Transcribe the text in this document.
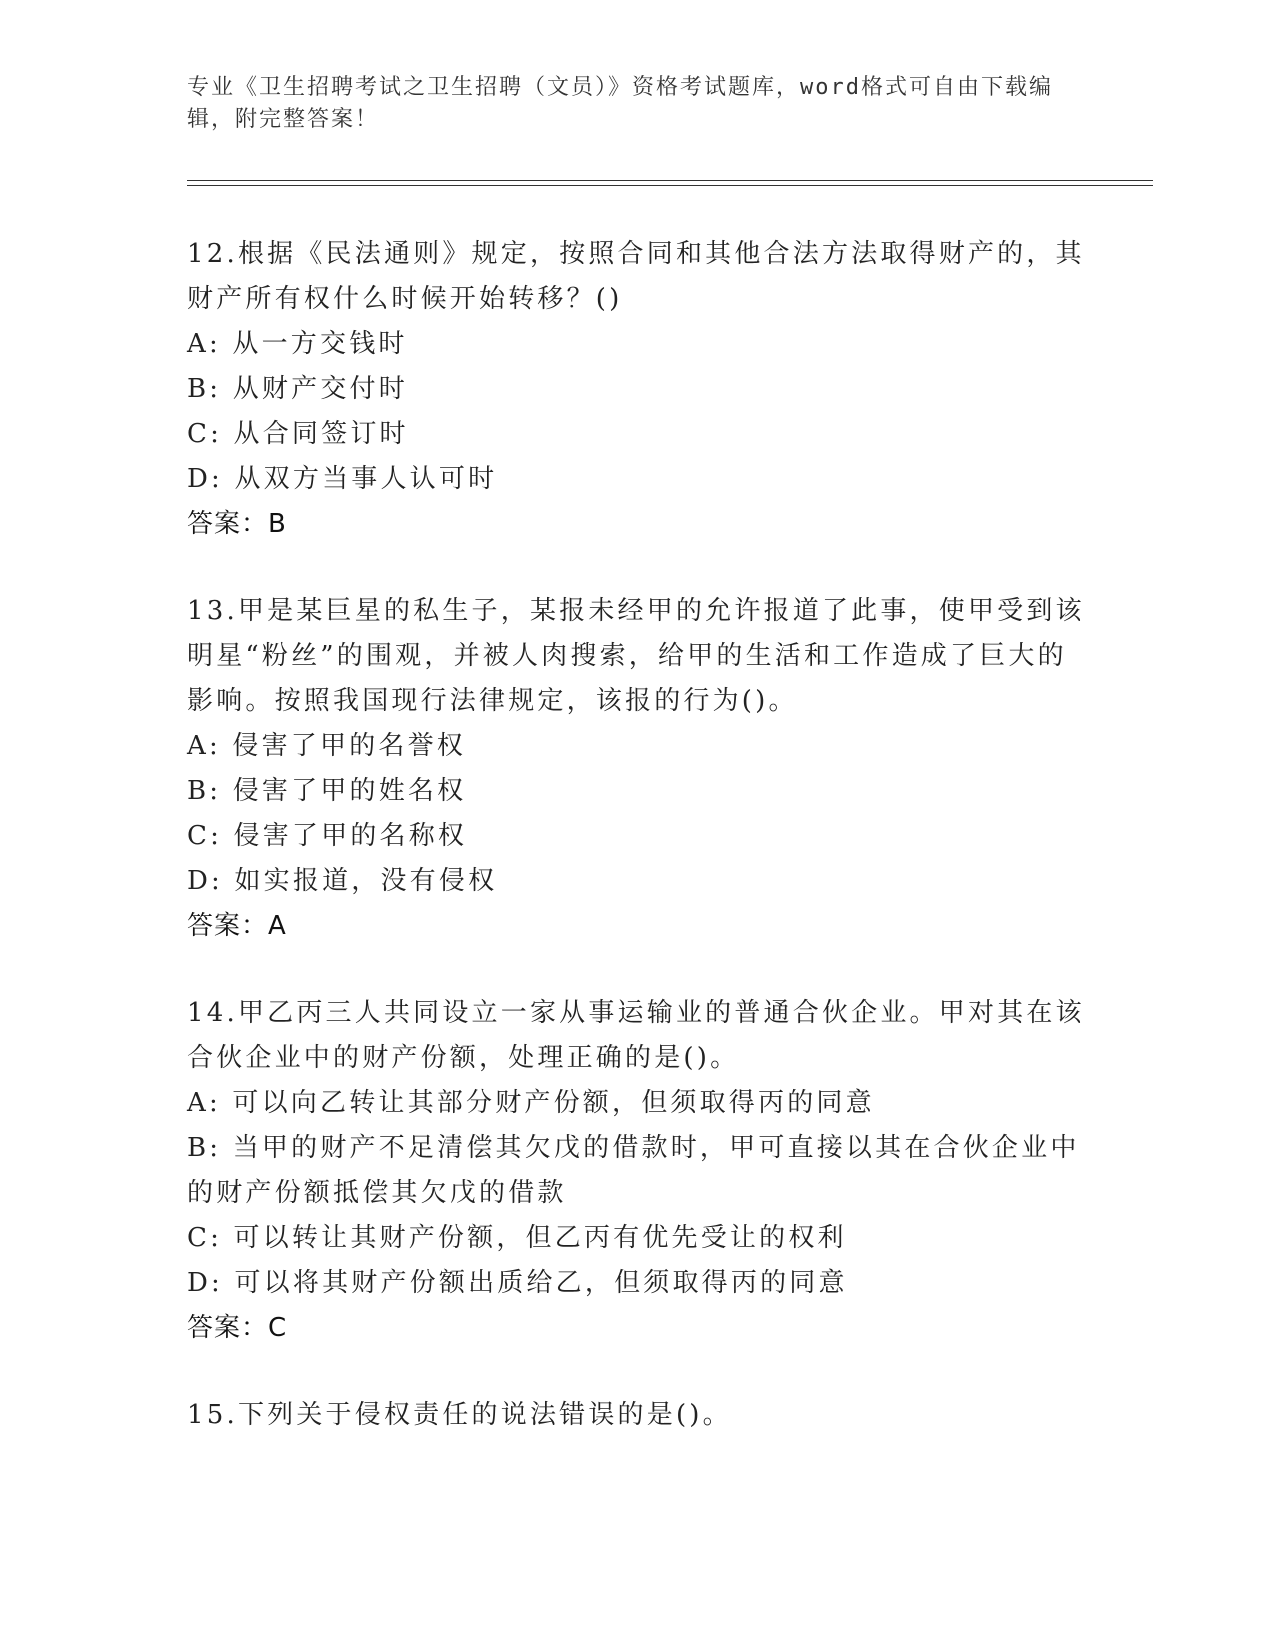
专业《卫生招聘考试之卫生招聘（文员）》资格考试题库，word格式可自由下载编辑，附完整答案！
12.根据《民法通则》规定，按照合同和其他合法方法取得财产的，其财产所有权什么时候开始转移？()
A: 从一方交钱时
B: 从财产交付时
C: 从合同签订时
D: 从双方当事人认可时
答案：B
13.甲是某巨星的私生子，某报未经甲的允许报道了此事，使甲受到该明星“粉丝”的围观，并被人肉搜索，给甲的生活和工作造成了巨大的影响。按照我国现行法律规定，该报的行为()。
A: 侵害了甲的名誉权
B: 侵害了甲的姓名权
C: 侵害了甲的名称权
D: 如实报道，没有侵权
答案：A
14.甲乙丙三人共同设立一家从事运输业的普通合伙企业。甲对其在该合伙企业中的财产份额，处理正确的是()。
A: 可以向乙转让其部分财产份额，但须取得丙的同意
B: 当甲的财产不足清偿其欠戊的借款时，甲可直接以其在合伙企业中的财产份额抵偿其欠戊的借款
C: 可以转让其财产份额，但乙丙有优先受让的权利
D: 可以将其财产份额出质给乙，但须取得丙的同意
答案：C
15.下列关于侵权责任的说法错误的是()。
